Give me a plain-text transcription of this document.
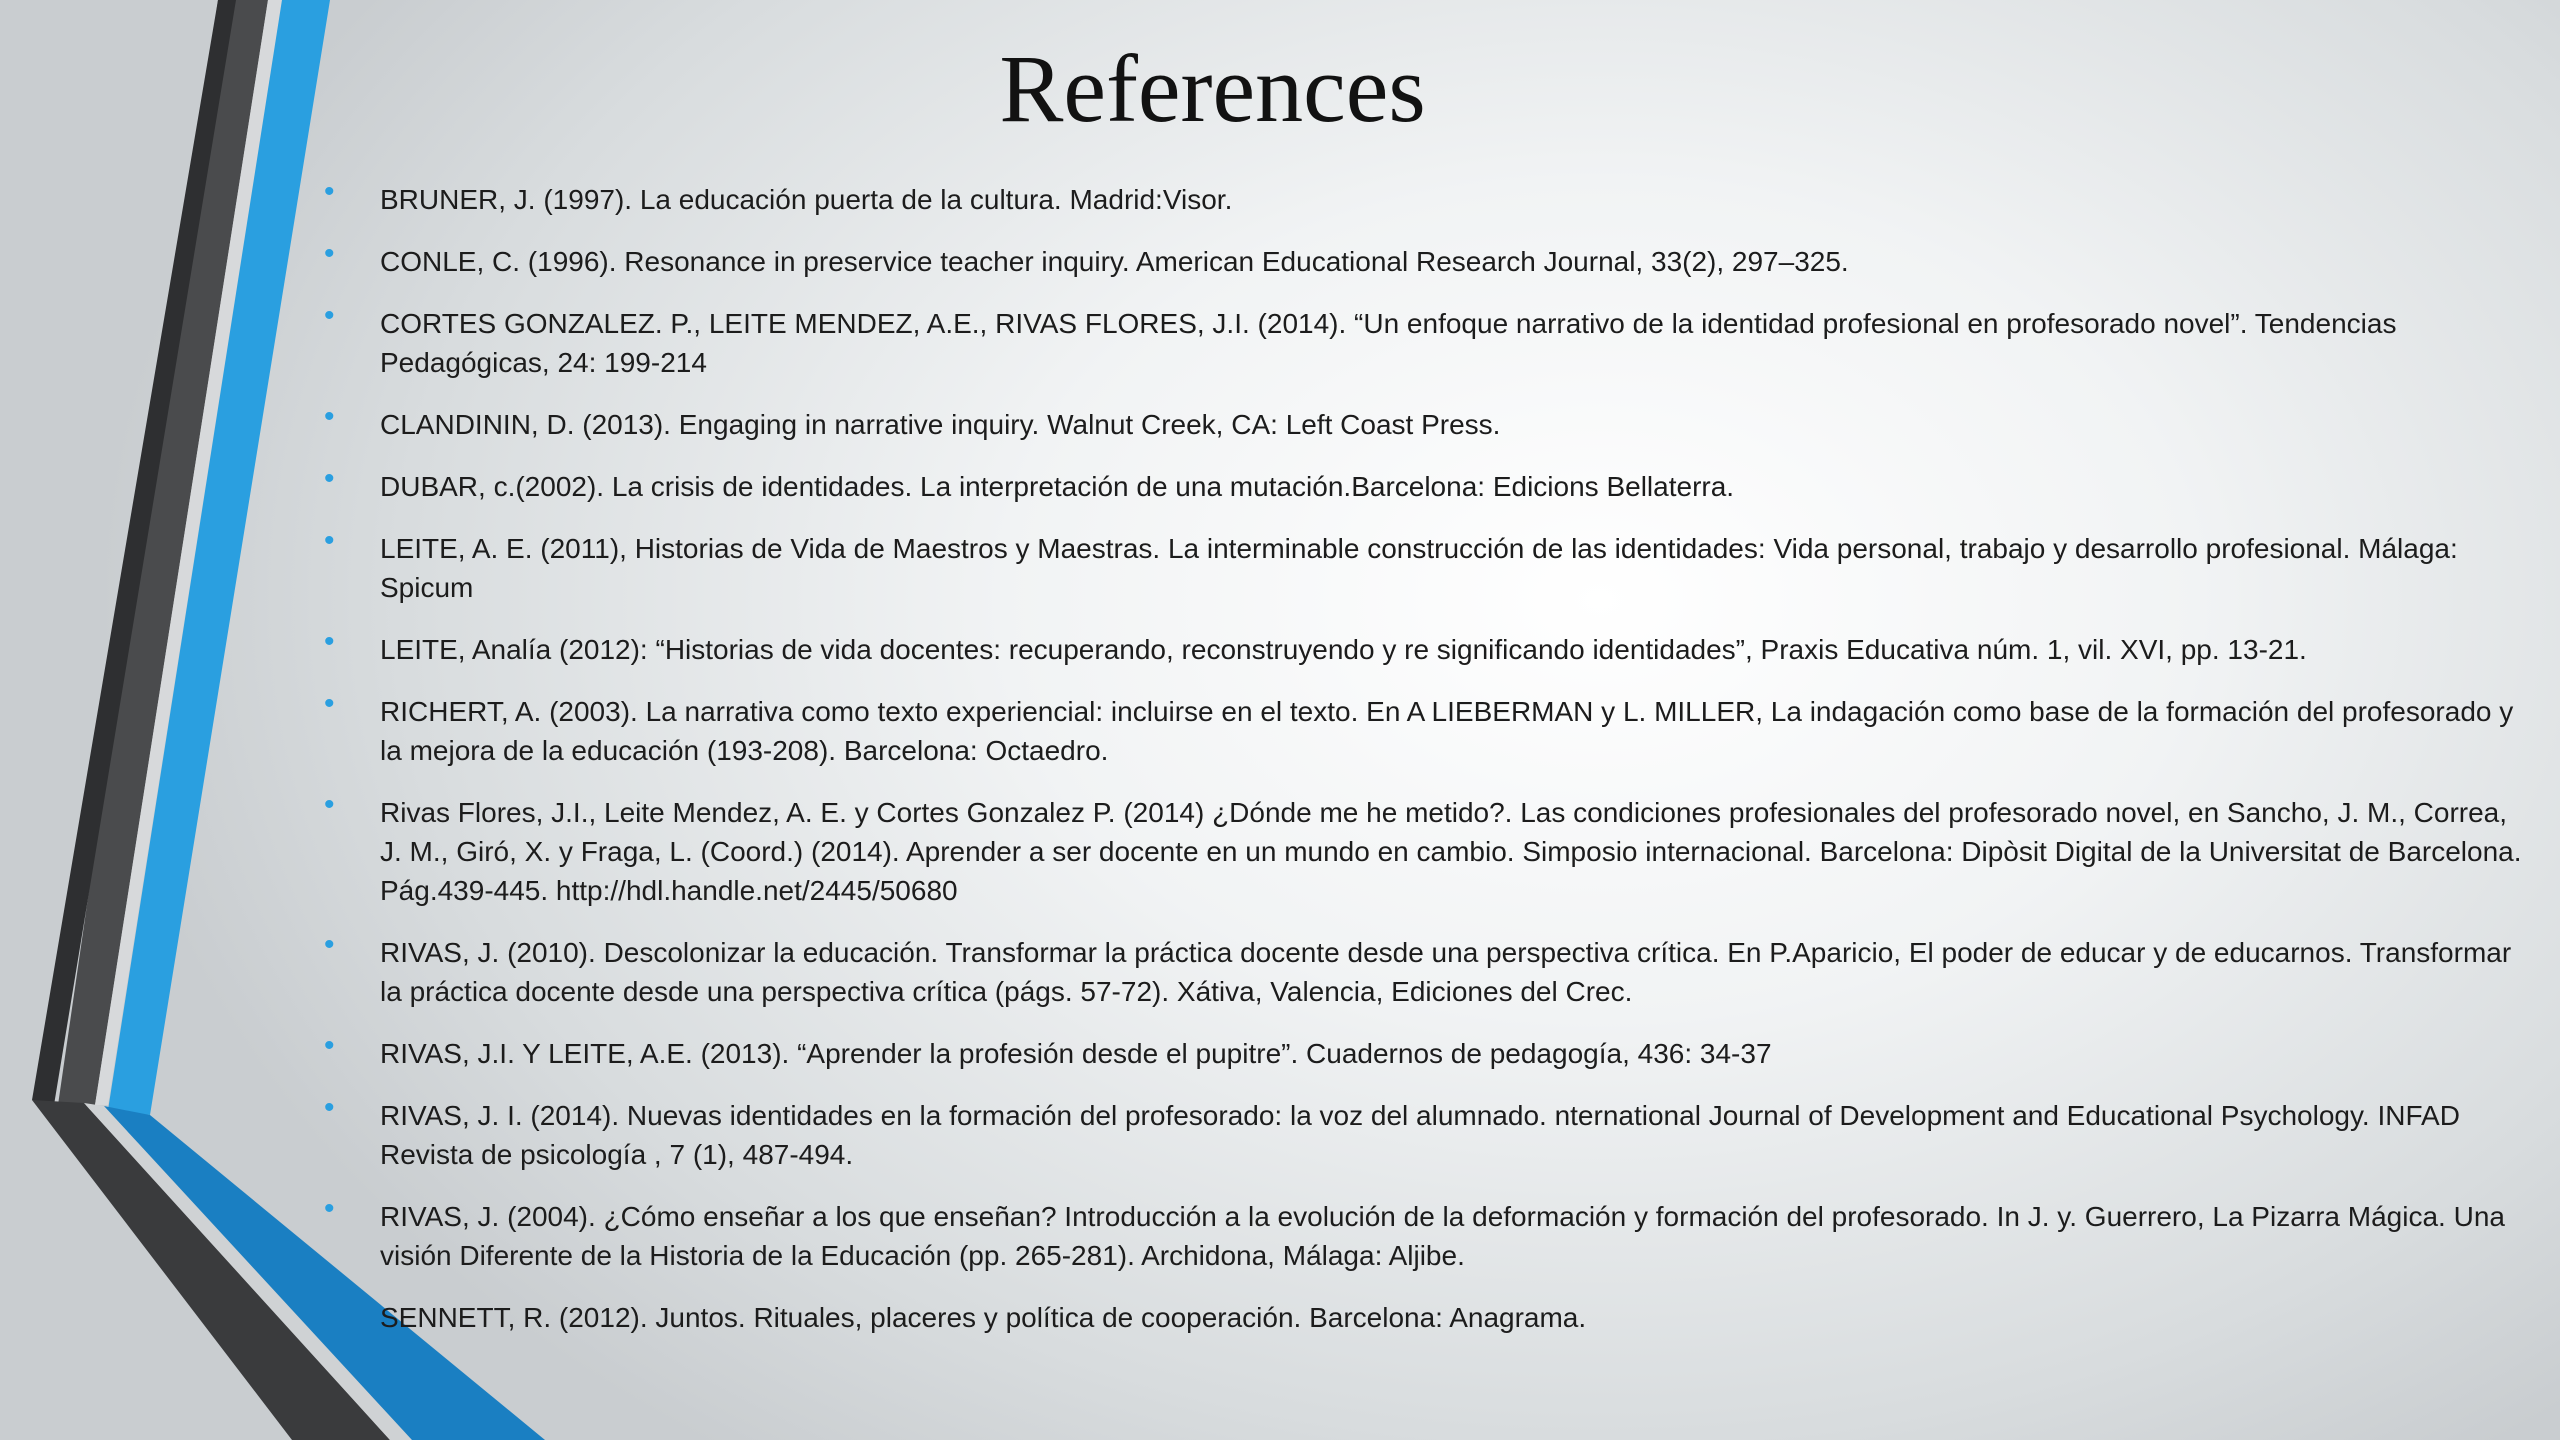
References
• BRUNER, J. (1997). La educación puerta de la cultura. Madrid:Visor.
• CONLE, C. (1996). Resonance in preservice teacher inquiry. American Educational Research Journal, 33(2), 297–325.
• CORTES GONZALEZ. P., LEITE MENDEZ, A.E., RIVAS FLORES, J.I. (2014). “Un enfoque narrativo de la identidad profesional en profesorado novel”. Tendencias Pedagógicas, 24: 199-214
• CLANDININ, D. (2013). Engaging in narrative inquiry. Walnut Creek, CA: Left Coast Press.
• DUBAR, c.(2002). La crisis de identidades. La interpretación de una mutación.Barcelona: Edicions Bellaterra.
• LEITE, A. E. (2011), Historias de Vida de Maestros y Maestras. La interminable construcción de las identidades: Vida personal, trabajo y desarrollo profesional. Málaga: Spicum
• LEITE, Analía (2012): “Historias de vida docentes: recuperando, reconstruyendo y re significando identidades”, Praxis Educativa núm. 1, vil. XVI, pp. 13-21.
• RICHERT, A. (2003). La narrativa como texto experiencial: incluirse en el texto. En A LIEBERMAN y L. MILLER, La indagación como base de la formación del profesorado y la mejora de la educación (193-208). Barcelona: Octaedro.
• Rivas Flores, J.I., Leite Mendez, A. E. y Cortes Gonzalez P. (2014) ¿Dónde me he metido?. Las condiciones profesionales del profesorado novel, en Sancho, J. M., Correa, J. M., Giró, X. y Fraga, L. (Coord.) (2014). Aprender a ser docente en un mundo en cambio. Simposio internacional. Barcelona: Dipòsit Digital de la Universitat de Barcelona. Pág.439-445. http://hdl.handle.net/2445/50680
• RIVAS, J. (2010). Descolonizar la educación. Transformar la práctica docente desde una perspectiva crítica. En P.Aparicio, El poder de educar y de educarnos. Transformar la práctica docente desde una perspectiva crítica (págs. 57-72). Xátiva, Valencia, Ediciones del Crec.
• RIVAS, J.I. Y LEITE, A.E. (2013). “Aprender la profesión desde el pupitre”. Cuadernos de pedagogía, 436: 34-37
• RIVAS, J. I. (2014). Nuevas identidades en la formación del profesorado: la voz del alumnado. nternational Journal of Development and Educational Psychology. INFAD Revista de psicología , 7 (1), 487-494.
• RIVAS, J. (2004). ¿Cómo enseñar a los que enseñan? Introducción a la evolución de la deformación y formación del profesorado. In J. y. Guerrero, La Pizarra Mágica. Una visión Diferente de la Historia de la Educación (pp. 265-281). Archidona, Málaga: Aljibe.
SENNETT, R. (2012). Juntos. Rituales, placeres y política de cooperación. Barcelona: Anagrama.
